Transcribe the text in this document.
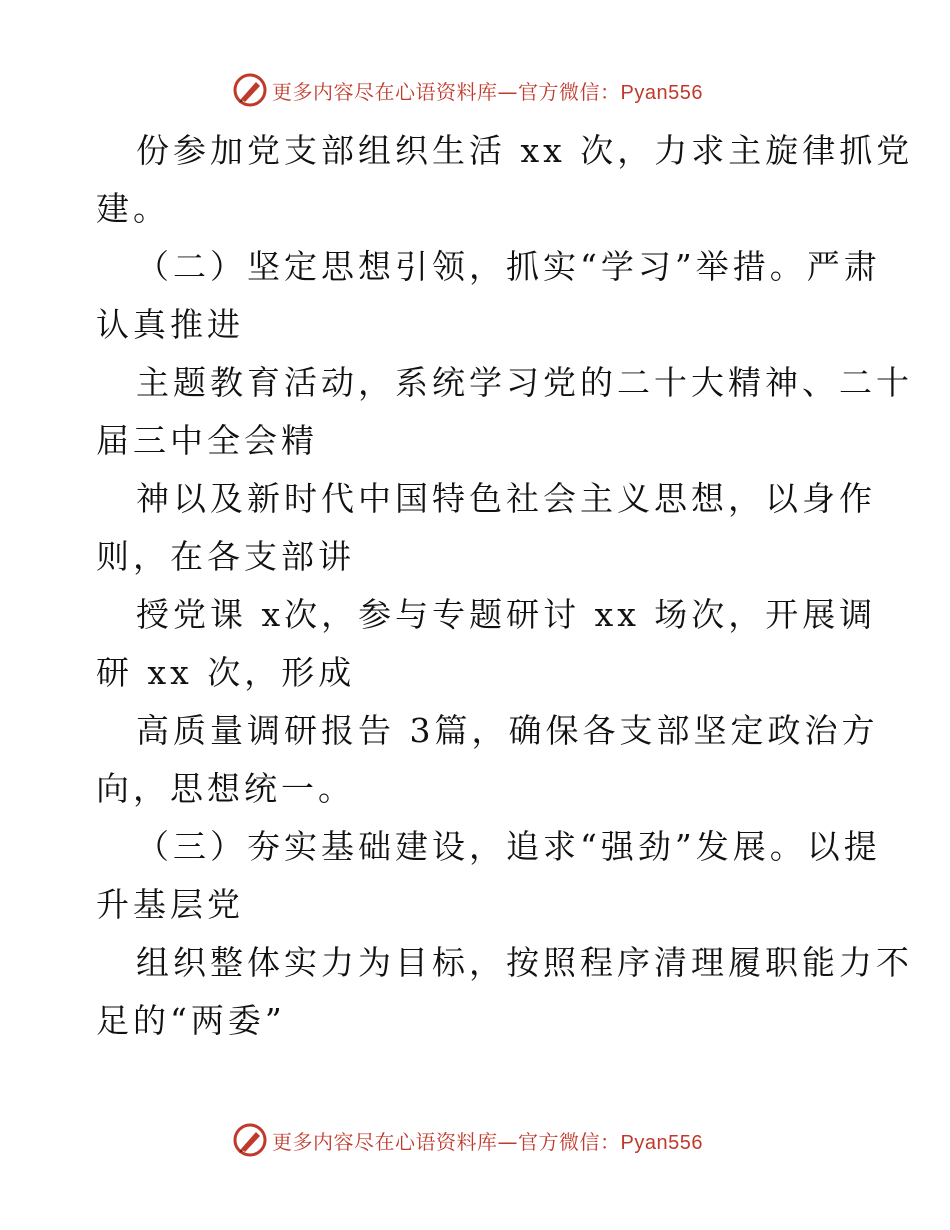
更多内容尽在心语资料库—官方微信：Pyan556
份参加党支部组织生活 xx 次，力求主旋律抓党
建。
（二）坚定思想引领，抓实“学习”举措。严肃
认真推进
主题教育活动，系统学习党的二十大精神、二十
届三中全会精
神以及新时代中国特色社会主义思想，以身作
则，在各支部讲
授党课 x次，参与专题研讨 xx 场次，开展调
研 xx 次，形成
高质量调研报告 3篇，确保各支部坚定政治方
向，思想统一。
（三）夯实基础建设，追求“强劲”发展。以提
升基层党
组织整体实力为目标，按照程序清理履职能力不
足的“两委”
更多内容尽在心语资料库—官方微信：Pyan556
